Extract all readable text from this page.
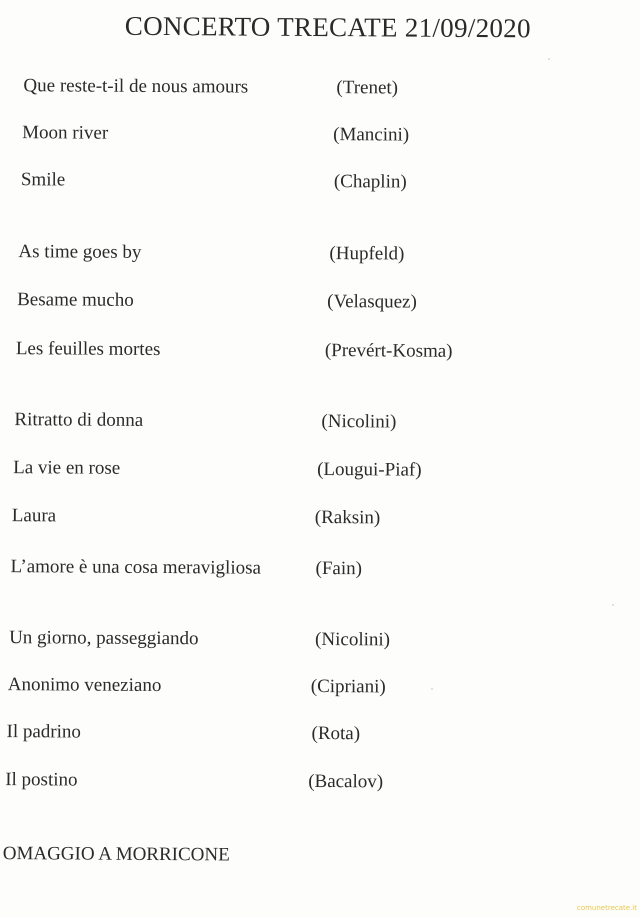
CONCERTO TRECATE 21/09/2020
Que reste-t-il de nous amours	(Trenet)
Moon river	(Mancini)
Smile	(Chaplin)
As time goes by	(Hupfeld)
Besame mucho	(Velasquez)
Les feuilles mortes	(Prevért-Kosma)
Ritratto di donna	(Nicolini)
La vie en rose	(Lougui-Piaf)
Laura	(Raksin)
L’amore è una cosa meravigliosa	(Fain)
Un giorno, passeggiando	(Nicolini)
Anonimo veneziano	(Cipriani)
Il padrino	(Rota)
Il postino	(Bacalov)
OMAGGIO A MORRICONE
comunetrecate.it
